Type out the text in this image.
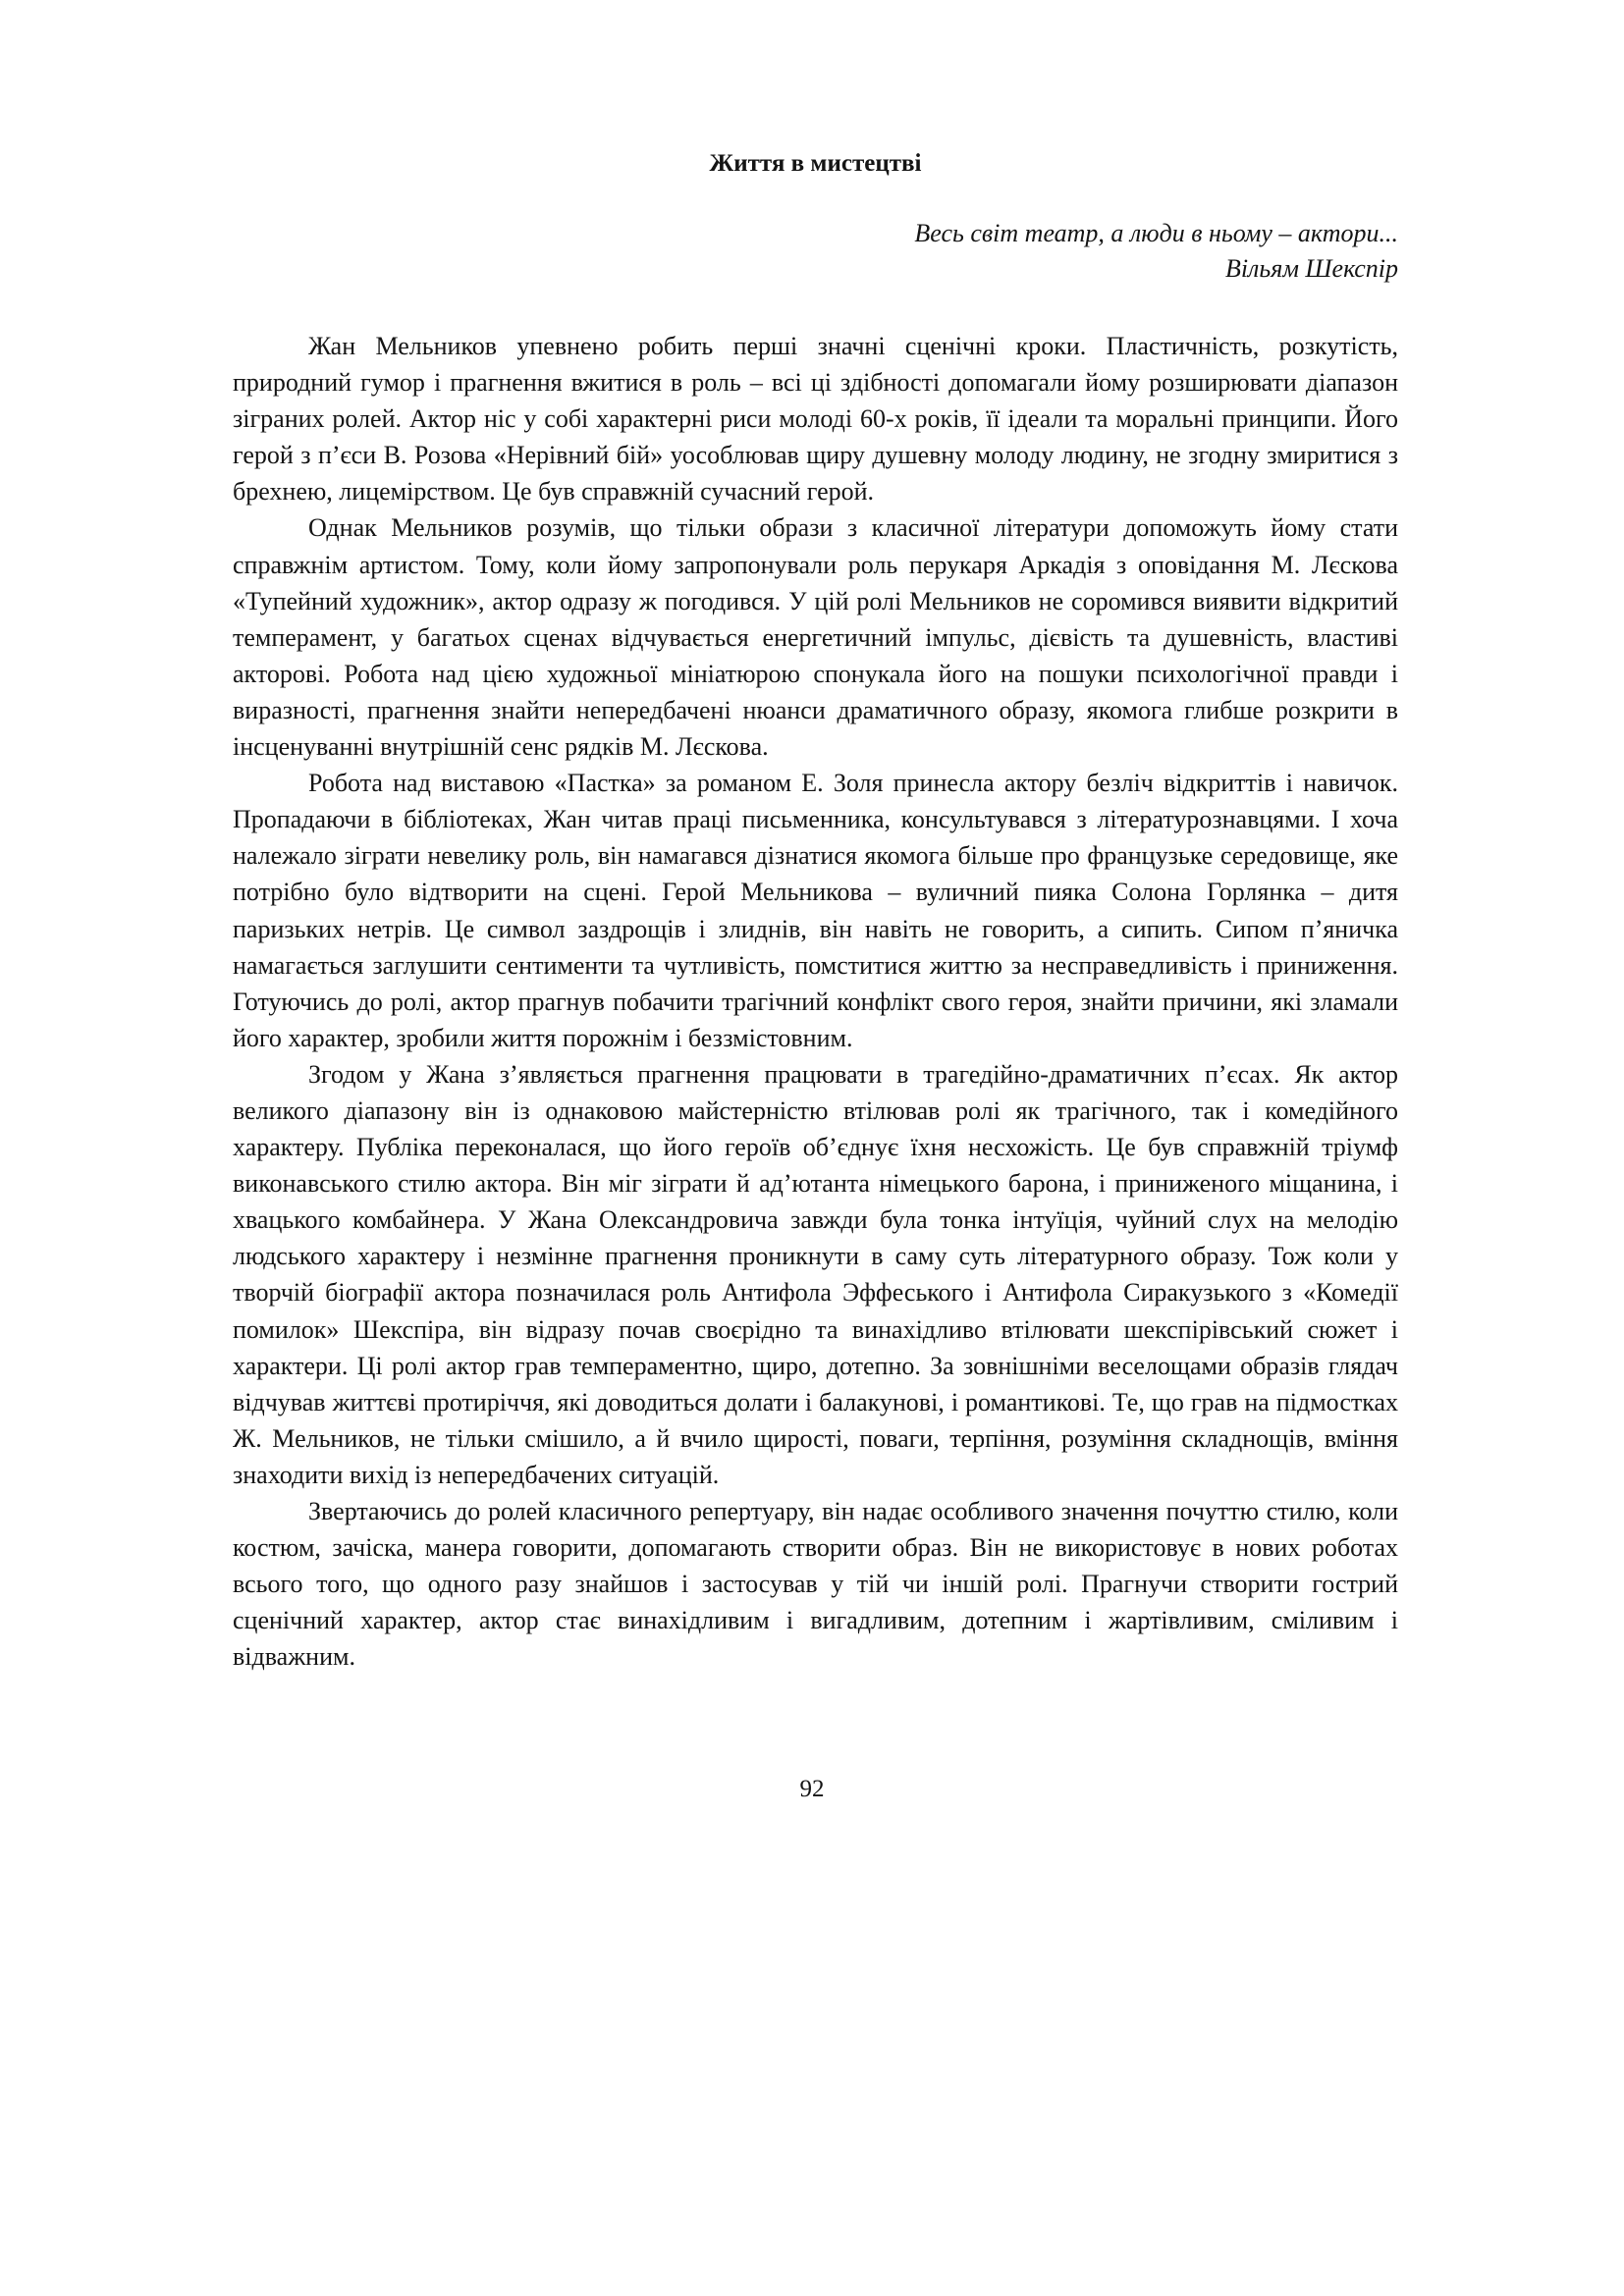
Життя в мистецтві
Весь світ театр, а люди в ньому – актори...
Вільям Шекспір

Жан Мельников упевнено робить перші значні сценічні кроки. Пластичність, розкутість, природний гумор і прагнення вжитися в роль – всі ці здібності допомагали йому розширювати діапазон зіграних ролей. Актор ніс у собі характерні риси молоді 60-х років, її ідеали та моральні принципи. Його герой з п’єси В. Розова «Нерівний бій» уособлював щиру душевну молоду людину, не згодну змиритися з брехнею, лицемірством. Це був справжній сучасний герой.

Однак Мельников розумів, що тільки образи з класичної літератури допоможуть йому стати справжнім артистом. Тому, коли йому запропонували роль перукаря Аркадія з оповідання М. Лєскова «Тупейний художник», актор одразу ж погодився. У цій ролі Мельников не соромився виявити відкритий темперамент, у багатьох сценах відчувається енергетичний імпульс, дієвість та душевність, властиві акторові. Робота над цією художньої мініатюрою спонукала його на пошуки психологічної правди і виразності, прагнення знайти непередбачені нюанси драматичного образу, якомога глибше розкрити в інсценуванні внутрішній сенс рядків М. Лєскова.

Робота над виставою «Пастка» за романом Е. Золя принесла актору безліч відкриттів і навичок. Пропадаючи в бібліотеках, Жан читав праці письменника, консультувався з літературознавцями. І хоча належало зіграти невелику роль, він намагався дізнатися якомога більше про французьке середовище, яке потрібно було відтворити на сцені. Герой Мельникова – вуличний пияка Солона Горлянка – дитя паризьких нетрів. Це символ заздрощів і злиднів, він навіть не говорить, а сипить. Сипом п’яничка намагається заглушити сентименти та чутливість, помститися життю за несправедливість і приниження. Готуючись до ролі, актор прагнув побачити трагічний конфлікт свого героя, знайти причини, які зламали його характер, зробили життя порожнім і беззмістовним.

Згодом у Жана з’являється прагнення працювати в трагедійно-драматичних п’єсах. Як актор великого діапазону він із однаковою майстерністю втілював ролі як трагічного, так і комедійного характеру. Публіка переконалася, що його героїв об’єднує їхня несхожість. Це був справжній тріумф виконавського стилю актора. Він міг зіграти й ад’ютанта німецького барона, і приниженого міщанина, і хвацького комбайнера. У Жана Олександровича завжди була тонка інтуїція, чуйний слух на мелодію людського характеру і незмінне прагнення проникнути в саму суть літературного образу. Тож коли у творчій біографії актора позначилася роль Антифола Эффеського і Антифола Сиракузького з «Комедії помилок» Шекспіра, він відразу почав своєрідно та винахідливо втілювати шекспірівський сюжет і характери. Ці ролі актор грав темпераментно, щиро, дотепно. За зовнішніми веселощами образів глядач відчував життєві протиріччя, які доводиться долати і балакунові, і романтикові. Те, що грав на підмостках Ж. Мельников, не тільки смішило, а й вчило щирості, поваги, терпіння, розуміння складнощів, вміння знаходити вихід із непередбачених ситуацій.

Звертаючись до ролей класичного репертуару, він надає особливого значення почуттю стилю, коли костюм, зачіска, манера говорити, допомагають створити образ. Він не використовує в нових роботах всього того, що одного разу знайшов і застосував у тій чи іншій ролі. Прагнучи створити гострий сценічний характер, актор стає винахідливим і вигадливим, дотепним і жартівливим, сміливим і відважним.

92
